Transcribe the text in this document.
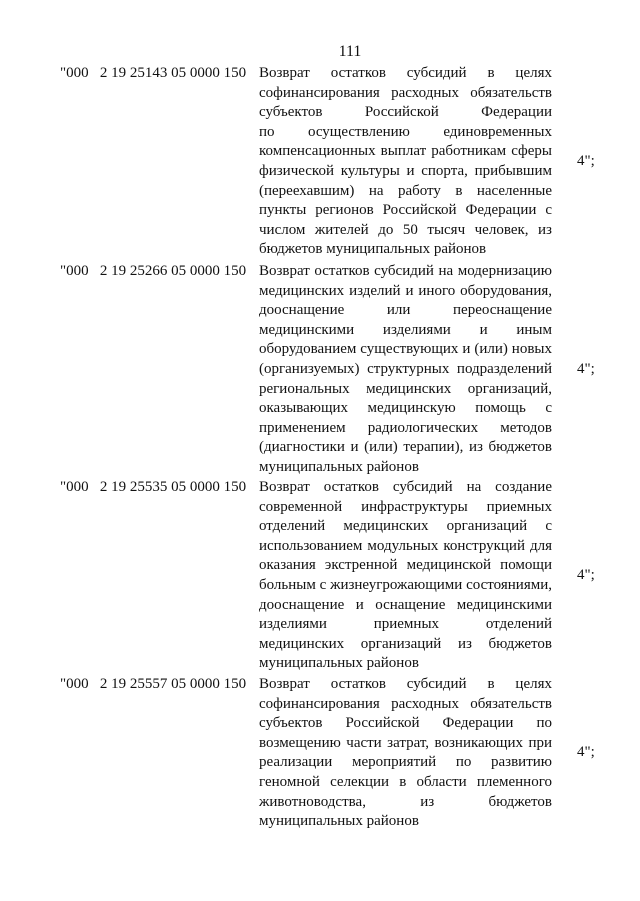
111
"000   2 19 25143 05 0000 150 Возврат остатков субсидий в целях
софинансирования расходных обязательств
субъектов Российской Федерации
по осуществлению единовременных
компенсационных выплат работникам сферы
физической культуры и спорта, прибывшим
(переехавшим) на работу в населенные
пункты регионов Российской Федерации с
числом жителей до 50 тысяч человек, из
бюджетов муниципальных районов
4";
"000   2 19 25266 05 0000 150 Возврат остатков субсидий на модернизацию
медицинских изделий и иного оборудования,
дооснащение или переоснащение
медицинскими изделиями и иным
оборудованием существующих и (или) новых
(организуемых) структурных подразделений
региональных медицинских организаций,
оказывающих медицинскую помощь с
применением радиологических методов
(диагностики и (или) терапии), из бюджетов
муниципальных районов
4";
"000   2 19 25535 05 0000 150 Возврат остатков субсидий на создание
современной инфраструктуры приемных
отделений медицинских организаций с
использованием модульных конструкций для
оказания экстренной медицинской помощи
больным с жизнеугрожающими состояниями,
дооснащение и оснащение медицинскими
изделиями приемных отделений
медицинских организаций из бюджетов
муниципальных районов
4";
"000   2 19 25557 05 0000 150 Возврат остатков субсидий в целях
софинансирования расходных обязательств
субъектов Российской Федерации по
возмещению части затрат, возникающих при
реализации мероприятий по развитию
геномной селекции в области племенного
животноводства, из бюджетов
муниципальных районов
4";
